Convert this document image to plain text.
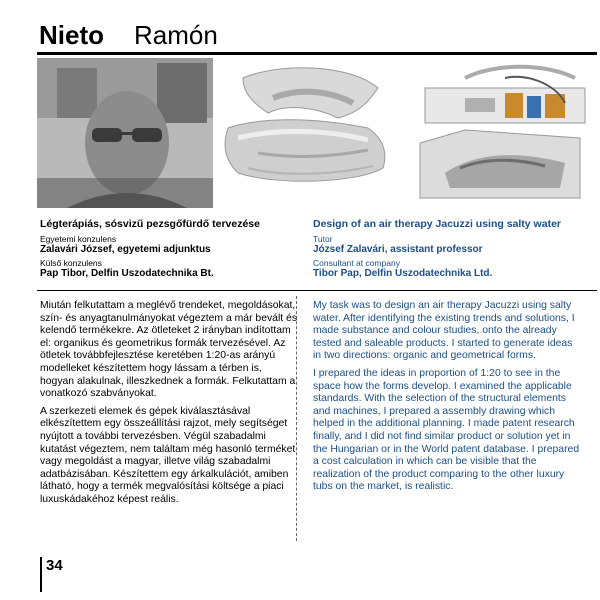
Nieto Ramón
Légterápiás, sósvizű pezsgőfürdő tervezése
Egyetemi konzulens
Zalavári József, egyetemi adjunktus
Külső konzulens
Pap Tibor, Delfin Uszodatechnika Bt.
Design of an air therapy Jacuzzi using salty water
Tutor
József Zalavári, assistant professor
Consultant at company
Tibor Pap, Delfin Uszodatechnika Ltd.

Miután felkutattam a meglévő trendeket, megoldásokat, szín- és anyagtanulmányokat végeztem a már bevált és kelendő termékekre. Az ötleteket 2 irányban indítottam el: organikus és geometrikus formák tervezésével. Az ötletek továbbfejlesztése keretében 1:20-as arányú modelleket készítettem hogy lássam a térben is, hogyan alakulnak, illeszkednek a formák. Felkutattam a vonatkozó szabványokat.

A szerkezeti elemek és gépek kiválasztásával elkészítettem egy összeállítási rajzot, mely segítséget nyújtott a további tervezésben. Végül szabadalmi kutatást végeztem, nem találtam még hasonló terméket vagy megoldást a magyar, illetve világ szabadalmi adatbázisában. Készítettem egy árkalkulációt, amiben látható, hogy a termék megvalósítási költsége a piaci luxuskádakéhoz képest reális.

My task was to design an air therapy Jacuzzi using salty water. After identifying the existing trends and solutions, I made substance and colour studies, onto the already tested and saleable products. I started to generate ideas in two directions: organic and geometrical forms.

I prepared the ideas in proportion of 1:20 to see in the space how the forms develop. I examined the applicable standards. With the selection of the structural elements and machines, I prepared a assembly drawing which helped in the additional planning. I made patent research finally, and I did not find similar product or solution yet in the Hungarian or in the World patent database. I prepared a cost calculation in which can be visible that the realization of the product comparing to the other luxury tubs on the market, is realistic.

34
